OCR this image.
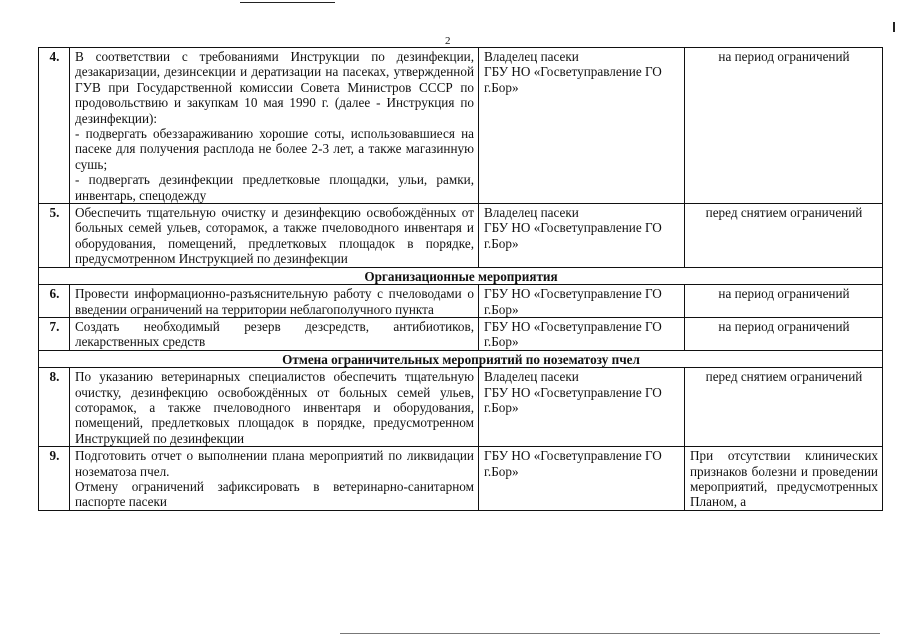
2
4.	В соответствии с требованиями Инструкции по дезинфекции, дезакаризации, дезинсекции и дератизации на пасеках, утвержденной ГУВ при Государственной комиссии Совета Министров СССР по продовольствию и закупкам 10 мая 1990 г. (далее - Инструкция по дезинфекции):
- подвергать обеззараживанию хорошие соты, использовавшиеся на пасеке для получения расплода не более 2-3 лет, а также магазинную сушь;
- подвергать дезинфекции предлетковые площадки, ульи, рамки, инвентарь, спецодежду	Владелец пасеки
ГБУ НО «Госветуправление ГО г.Бор»	на период ограничений
5.	Обеспечить тщательную очистку и дезинфекцию освобождённых от больных семей ульев, сотoрамок, а также пчеловодного инвентаря и оборудования, помещений, предлетковых площадок в порядке, предусмотренном Инструкцией по дезинфекции	Владелец пасеки
ГБУ НО «Госветуправление ГО г.Бор»	перед снятием ограничений
Организационные мероприятия			
6.	Провести информационно-разъяснительную работу с пчеловодами о введении ограничений на территории неблагополучного пункта	ГБУ НО «Госветуправление ГО г.Бор»	на период ограничений
7.	Создать необходимый резерв дезсредств, антибиотиков, лекарственных средств	ГБУ НО «Госветуправление ГО г.Бор»	на период ограничений
Отмена ограничительных мероприятий по нозематозу пчел			
8.	По указанию ветеринарных специалистов обеспечить тщательную очистку, дезинфекцию освобождённых от больных семей ульев, сотoрамок, а также пчеловодного инвентаря и оборудования, помещений, предлетковых площадок в порядке, предусмотренном Инструкцией по дезинфекции	Владелец пасеки
ГБУ НО «Госветуправление ГО г.Бор»	перед снятием ограничений
9.	Подготовить отчет о выполнении плана мероприятий по ликвидации нозематоза пчел.
Отмену ограничений зафиксировать в ветеринарно-санитарном паспорте пасеки	ГБУ НО «Госветуправление ГО г.Бор»	При отсутствии клинических признаков болезни и проведении мероприятий, предусмотренных Планом, а
